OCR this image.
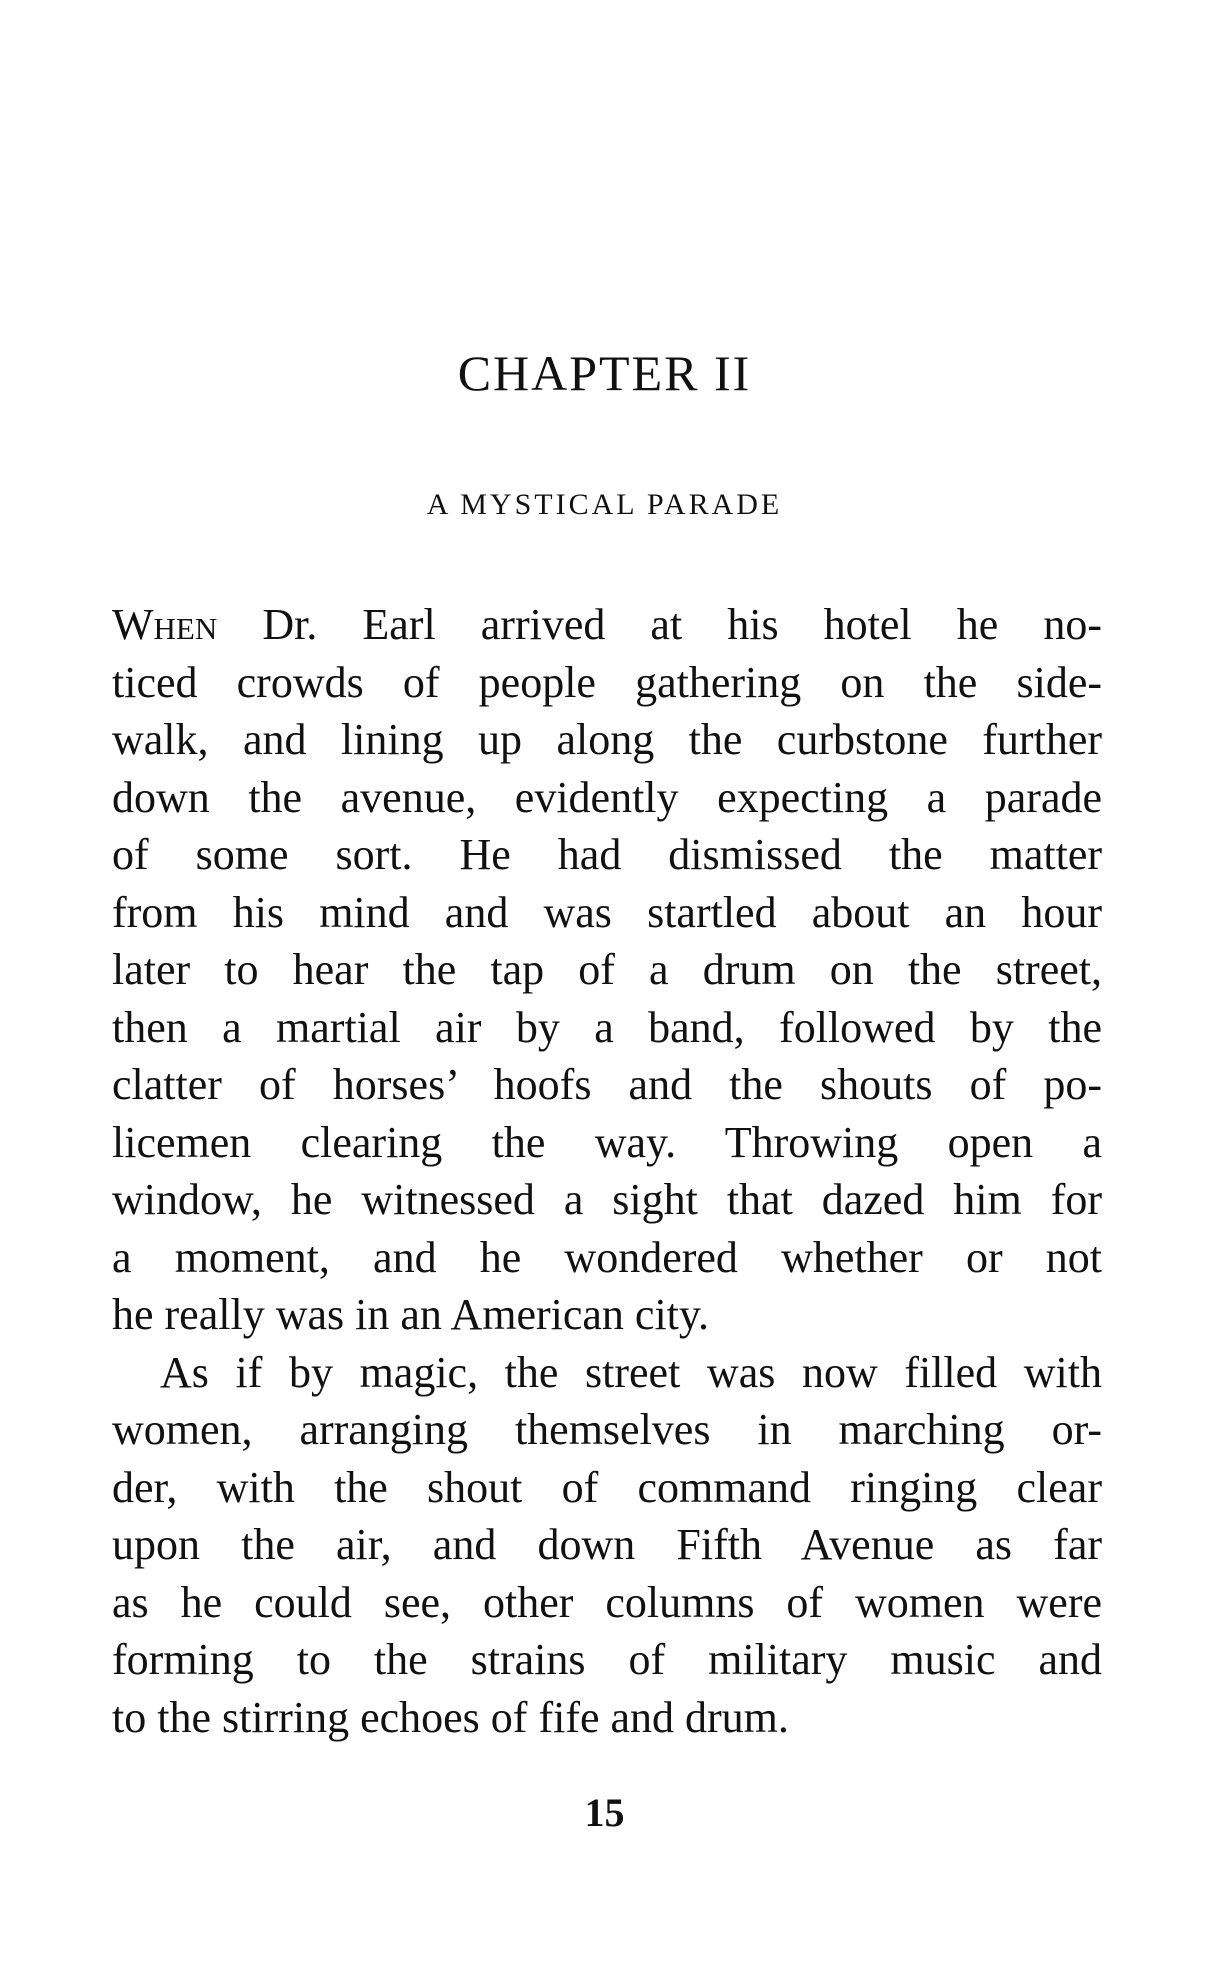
CHAPTER II
A MYSTICAL PARADE
When Dr. Earl arrived at his hotel he no-
ticed crowds of people gathering on the side-
walk, and lining up along the curbstone further
down the avenue, evidently expecting a parade
of some sort. He had dismissed the matter
from his mind and was startled about an hour
later to hear the tap of a drum on the street,
then a martial air by a band, followed by the
clatter of horses’ hoofs and the shouts of po-
licemen clearing the way. Throwing open a
window, he witnessed a sight that dazed him for
a moment, and he wondered whether or not
he really was in an American city.
As if by magic, the street was now filled with
women, arranging themselves in marching or-
der, with the shout of command ringing clear
upon the air, and down Fifth Avenue as far
as he could see, other columns of women were
forming to the strains of military music and
to the stirring echoes of fife and drum.
15
